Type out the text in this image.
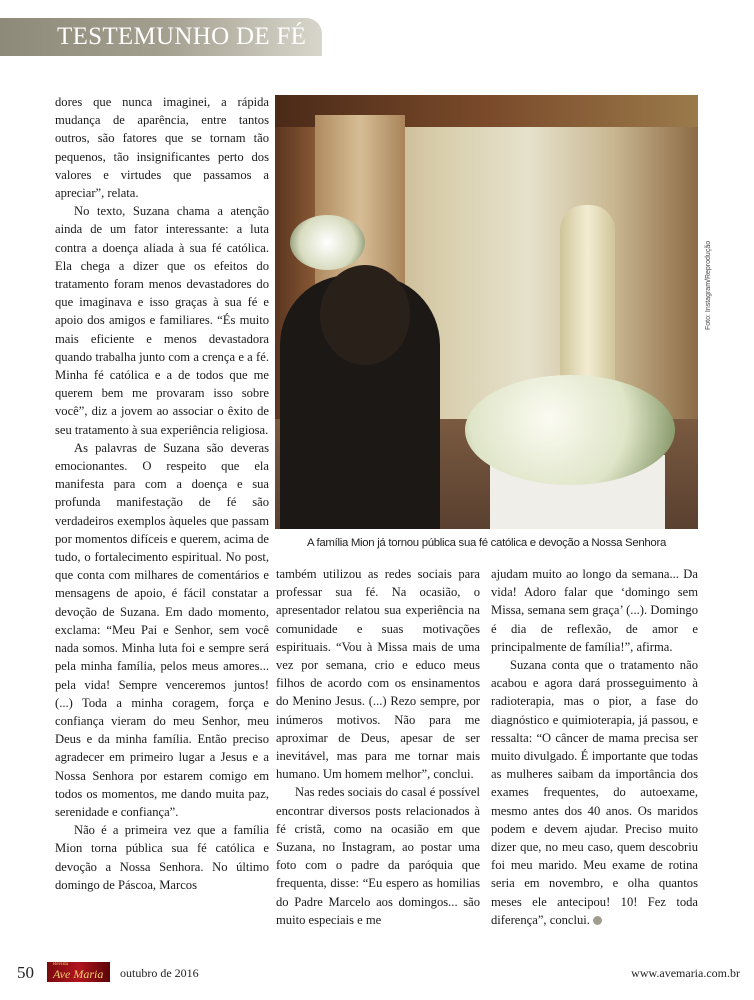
TESTEMUNHO DE FÉ

dores que nunca imaginei, a rápida mudança de aparência, entre tantos outros, são fatores que se tornam tão pequenos, tão insignificantes perto dos valores e virtudes que passamos a apreciar”, relata.

No texto, Suzana chama a atenção ainda de um fator interessante: a luta contra a doença aliada à sua fé católica. Ela chega a dizer que os efeitos do tratamento foram menos devastadores do que imaginava e isso graças à sua fé e apoio dos amigos e familiares. “És muito mais eficiente e menos devastadora quando trabalha junto com a crença e a fé. Minha fé católica e a de todos que me querem bem me provaram isso sobre você”, diz a jovem ao associar o êxito de seu tratamento à sua experiência religiosa.

As palavras de Suzana são deveras emocionantes. O respeito que ela manifesta para com a doença e sua profunda manifestação de fé são verdadeiros exemplos àqueles que passam por momentos difíceis e querem, acima de tudo, o fortalecimento espiritual. No post, que conta com milhares de comentários e mensagens de apoio, é fácil constatar a devoção de Suzana. Em dado momento, exclama: “Meu Pai e Senhor, sem você nada somos. Minha luta foi e sempre será pela minha família, pelos meus amores... pela vida! Sempre venceremos juntos! (...) Toda a minha coragem, força e confiança vieram do meu Senhor, meu Deus e da minha família. Então preciso agradecer em primeiro lugar a Jesus e a Nossa Senhora por estarem comigo em todos os momentos, me dando muita paz, serenidade e confiança”.

Não é a primeira vez que a família Mion torna pública sua fé católica e devoção a Nossa Senhora. No último domingo de Páscoa, Marcos

Foto: Instagram/Reprodução
A família Mion já tornou pública sua fé católica e devoção a Nossa Senhora

também utilizou as redes sociais para professar sua fé. Na ocasião, o apresentador relatou sua experiência na comunidade e suas motivações espirituais. “Vou à Missa mais de uma vez por semana, crio e educo meus filhos de acordo com os ensinamentos do Menino Jesus. (...) Rezo sempre, por inúmeros motivos. Não para me aproximar de Deus, apesar de ser inevitável, mas para me tornar mais humano. Um homem melhor”, conclui.

Nas redes sociais do casal é possível encontrar diversos posts relacionados à fé cristã, como na ocasião em que Suzana, no Instagram, ao postar uma foto com o padre da paróquia que frequenta, disse: “Eu espero as homilias do Padre Marcelo aos domingos... são muito especiais e me

ajudam muito ao longo da semana... Da vida! Adoro falar que ‘domingo sem Missa, semana sem graça’ (...). Domingo é dia de reflexão, de amor e principalmente de família!”, afirma.

Suzana conta que o tratamento não acabou e agora dará prosseguimento à radioterapia, mas o pior, a fase do diagnóstico e quimioterapia, já passou, e ressalta: “O câncer de mama precisa ser muito divulgado. É importante que todas as mulheres saibam da importância dos exames frequentes, do autoexame, mesmo antes dos 40 anos. Os maridos podem e devem ajudar. Preciso muito dizer que, no meu caso, quem descobriu foi meu marido. Meu exame de rotina seria em novembro, e olha quantos meses ele antecipou! 10! Fez toda diferença”, conclui.

50	Revista
Ave Maria outubro de 2016	www.avemaria.com.br
